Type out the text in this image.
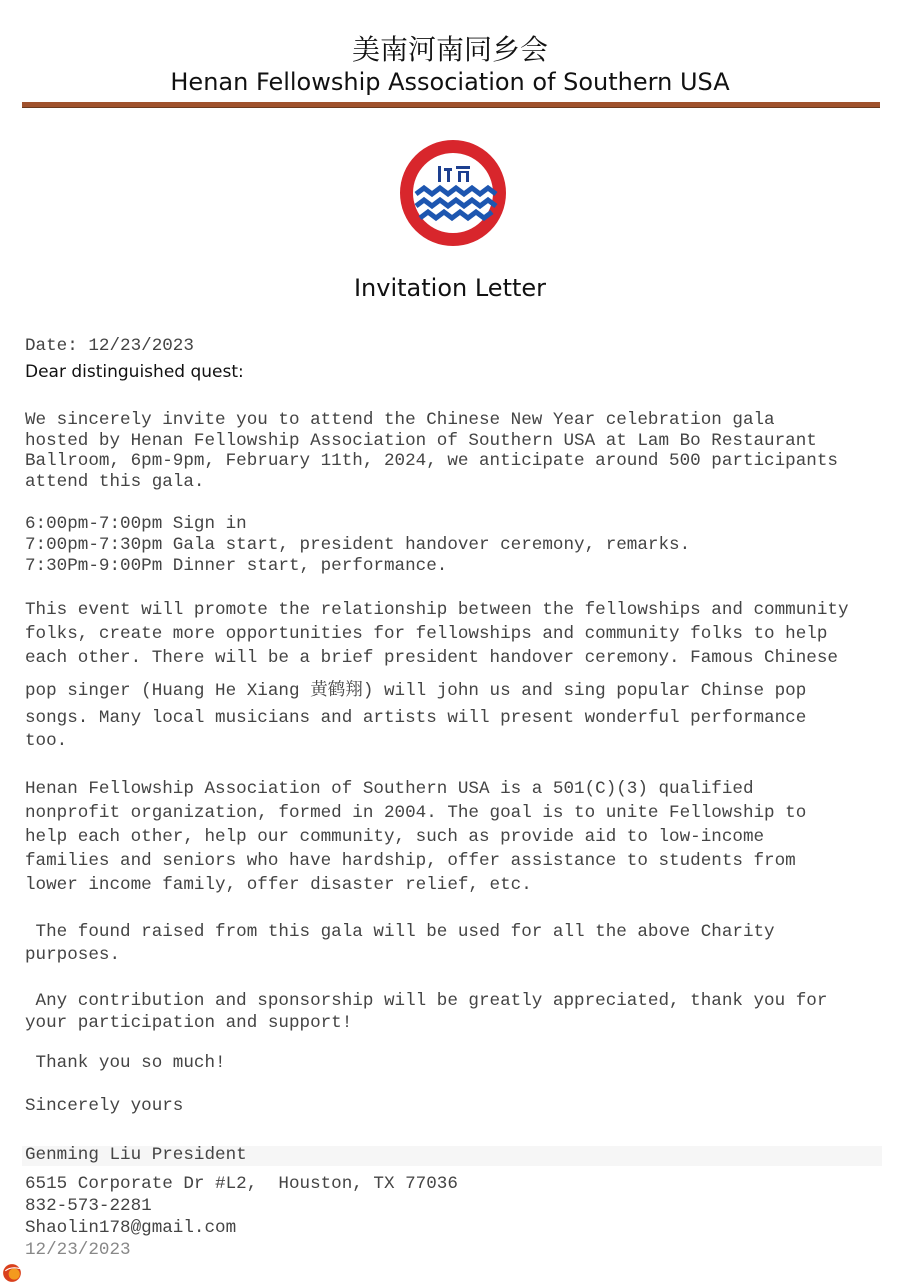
美南河南同乡会
Henan Fellowship Association of Southern USA
Invitation Letter
Date: 12/23/2023
Dear distinguished quest:
We sincerely invite you to attend the Chinese New Year celebration gala
hosted by Henan Fellowship Association of Southern USA at Lam Bo Restaurant
Ballroom, 6pm-9pm, February 11th, 2024, we anticipate around 500 participants
attend this gala.
6:00pm-7:00pm Sign in
7:00pm-7:30pm Gala start, president handover ceremony, remarks.
7:30Pm-9:00Pm Dinner start, performance.
This event will promote the relationship between the fellowships and community
folks, create more opportunities for fellowships and community folks to help
each other. There will be a brief president handover ceremony. Famous Chinese
pop singer (Huang He Xiang 黄鹤翔) will john us and sing popular Chinse pop
songs. Many local musicians and artists will present wonderful performance
too.
Henan Fellowship Association of Southern USA is a 501(C)(3) qualified
nonprofit organization, formed in 2004. The goal is to unite Fellowship to
help each other, help our community, such as provide aid to low-income
families and seniors who have hardship, offer assistance to students from
lower income family, offer disaster relief, etc.
The found raised from this gala will be used for all the above Charity
purposes.
Any contribution and sponsorship will be greatly appreciated, thank you for
your participation and support!
Thank you so much!
Sincerely yours
Genming Liu President
6515 Corporate Dr #L2,  Houston, TX 77036
832-573-2281
Shaolin178@gmail.com
12/23/2023
